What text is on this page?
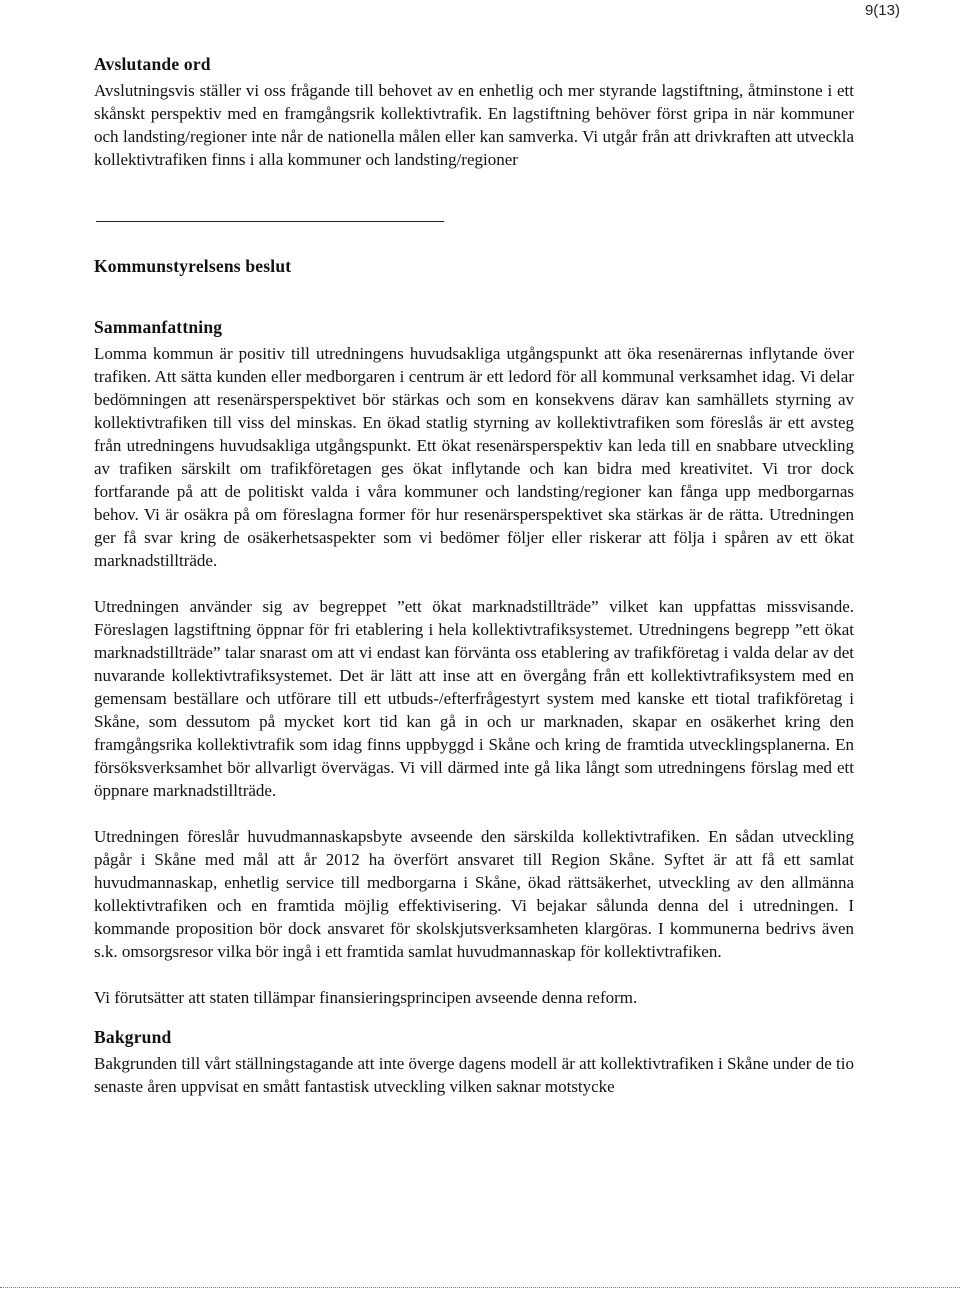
9(13)
Avslutande ord

Avslutningsvis ställer vi oss frågande till behovet av en enhetlig och mer styrande lagstiftning, åtminstone i ett skånskt perspektiv med en framgångsrik kollektivtrafik. En lagstiftning behöver först gripa in när kommuner och landsting/regioner inte når de nationella målen eller kan samverka. Vi utgår från att drivkraften att utveckla kollektivtrafiken finns i alla kommuner och landsting/regioner

Kommunstyrelsens beslut
Sammanfattning

Lomma kommun är positiv till utredningens huvudsakliga utgångspunkt att öka resenärernas inflytande över trafiken. Att sätta kunden eller medborgaren i centrum är ett ledord för all kommunal verksamhet idag. Vi delar bedömningen att resenärsperspektivet bör stärkas och som en konsekvens därav kan samhällets styrning av kollektivtrafiken till viss del minskas. En ökad statlig styrning av kollektivtrafiken som föreslås är ett avsteg från utredningens huvudsakliga utgångspunkt. Ett ökat resenärsperspektiv kan leda till en snabbare utveckling av trafiken särskilt om trafikföretagen ges ökat inflytande och kan bidra med kreativitet. Vi tror dock fortfarande på att de politiskt valda i våra kommuner och landsting/regioner kan fånga upp medborgarnas behov. Vi är osäkra på om föreslagna former för hur resenärsperspektivet ska stärkas är de rätta. Utredningen ger få svar kring de osäkerhetsaspekter som vi bedömer följer eller riskerar att följa i spåren av ett ökat marknadstillträde.

Utredningen använder sig av begreppet ”ett ökat marknadstillträde” vilket kan uppfattas missvisande. Föreslagen lagstiftning öppnar för fri etablering i hela kollektivtrafiksystemet. Utredningens begrepp ”ett ökat marknadstillträde” talar snarast om att vi endast kan förvänta oss etablering av trafikföretag i valda delar av det nuvarande kollektivtrafiksystemet. Det är lätt att inse att en övergång från ett kollektivtrafiksystem med en gemensam beställare och utförare till ett utbuds-/efterfrågestyrt system med kanske ett tiotal trafikföretag i Skåne, som dessutom på mycket kort tid kan gå in och ur marknaden, skapar en osäkerhet kring den framgångsrika kollektivtrafik som idag finns uppbyggd i Skåne och kring de framtida utvecklingsplanerna. En försöksverksamhet bör allvarligt övervägas. Vi vill därmed inte gå lika långt som utredningens förslag med ett öppnare marknadstillträde.

Utredningen föreslår huvudmannaskapsbyte avseende den särskilda kollektivtrafiken. En sådan utveckling pågår i Skåne med mål att år 2012 ha överfört ansvaret till Region Skåne. Syftet är att få ett samlat huvudmannaskap, enhetlig service till medborgarna i Skåne, ökad rättsäkerhet, utveckling av den allmänna kollektivtrafiken och en framtida möjlig effektivisering. Vi bejakar sålunda denna del i utredningen. I kommande proposition bör dock ansvaret för skolskjutsverksamheten klargöras. I kommunerna bedrivs även s.k. omsorgsresor vilka bör ingå i ett framtida samlat huvudmannaskap för kollektivtrafiken.

Vi förutsätter att staten tillämpar finansieringsprincipen avseende denna reform.

Bakgrund

Bakgrunden till vårt ställningstagande att inte överge dagens modell är att kollektivtrafiken i Skåne under de tio senaste åren uppvisat en smått fantastisk utveckling vilken saknar motstycke
